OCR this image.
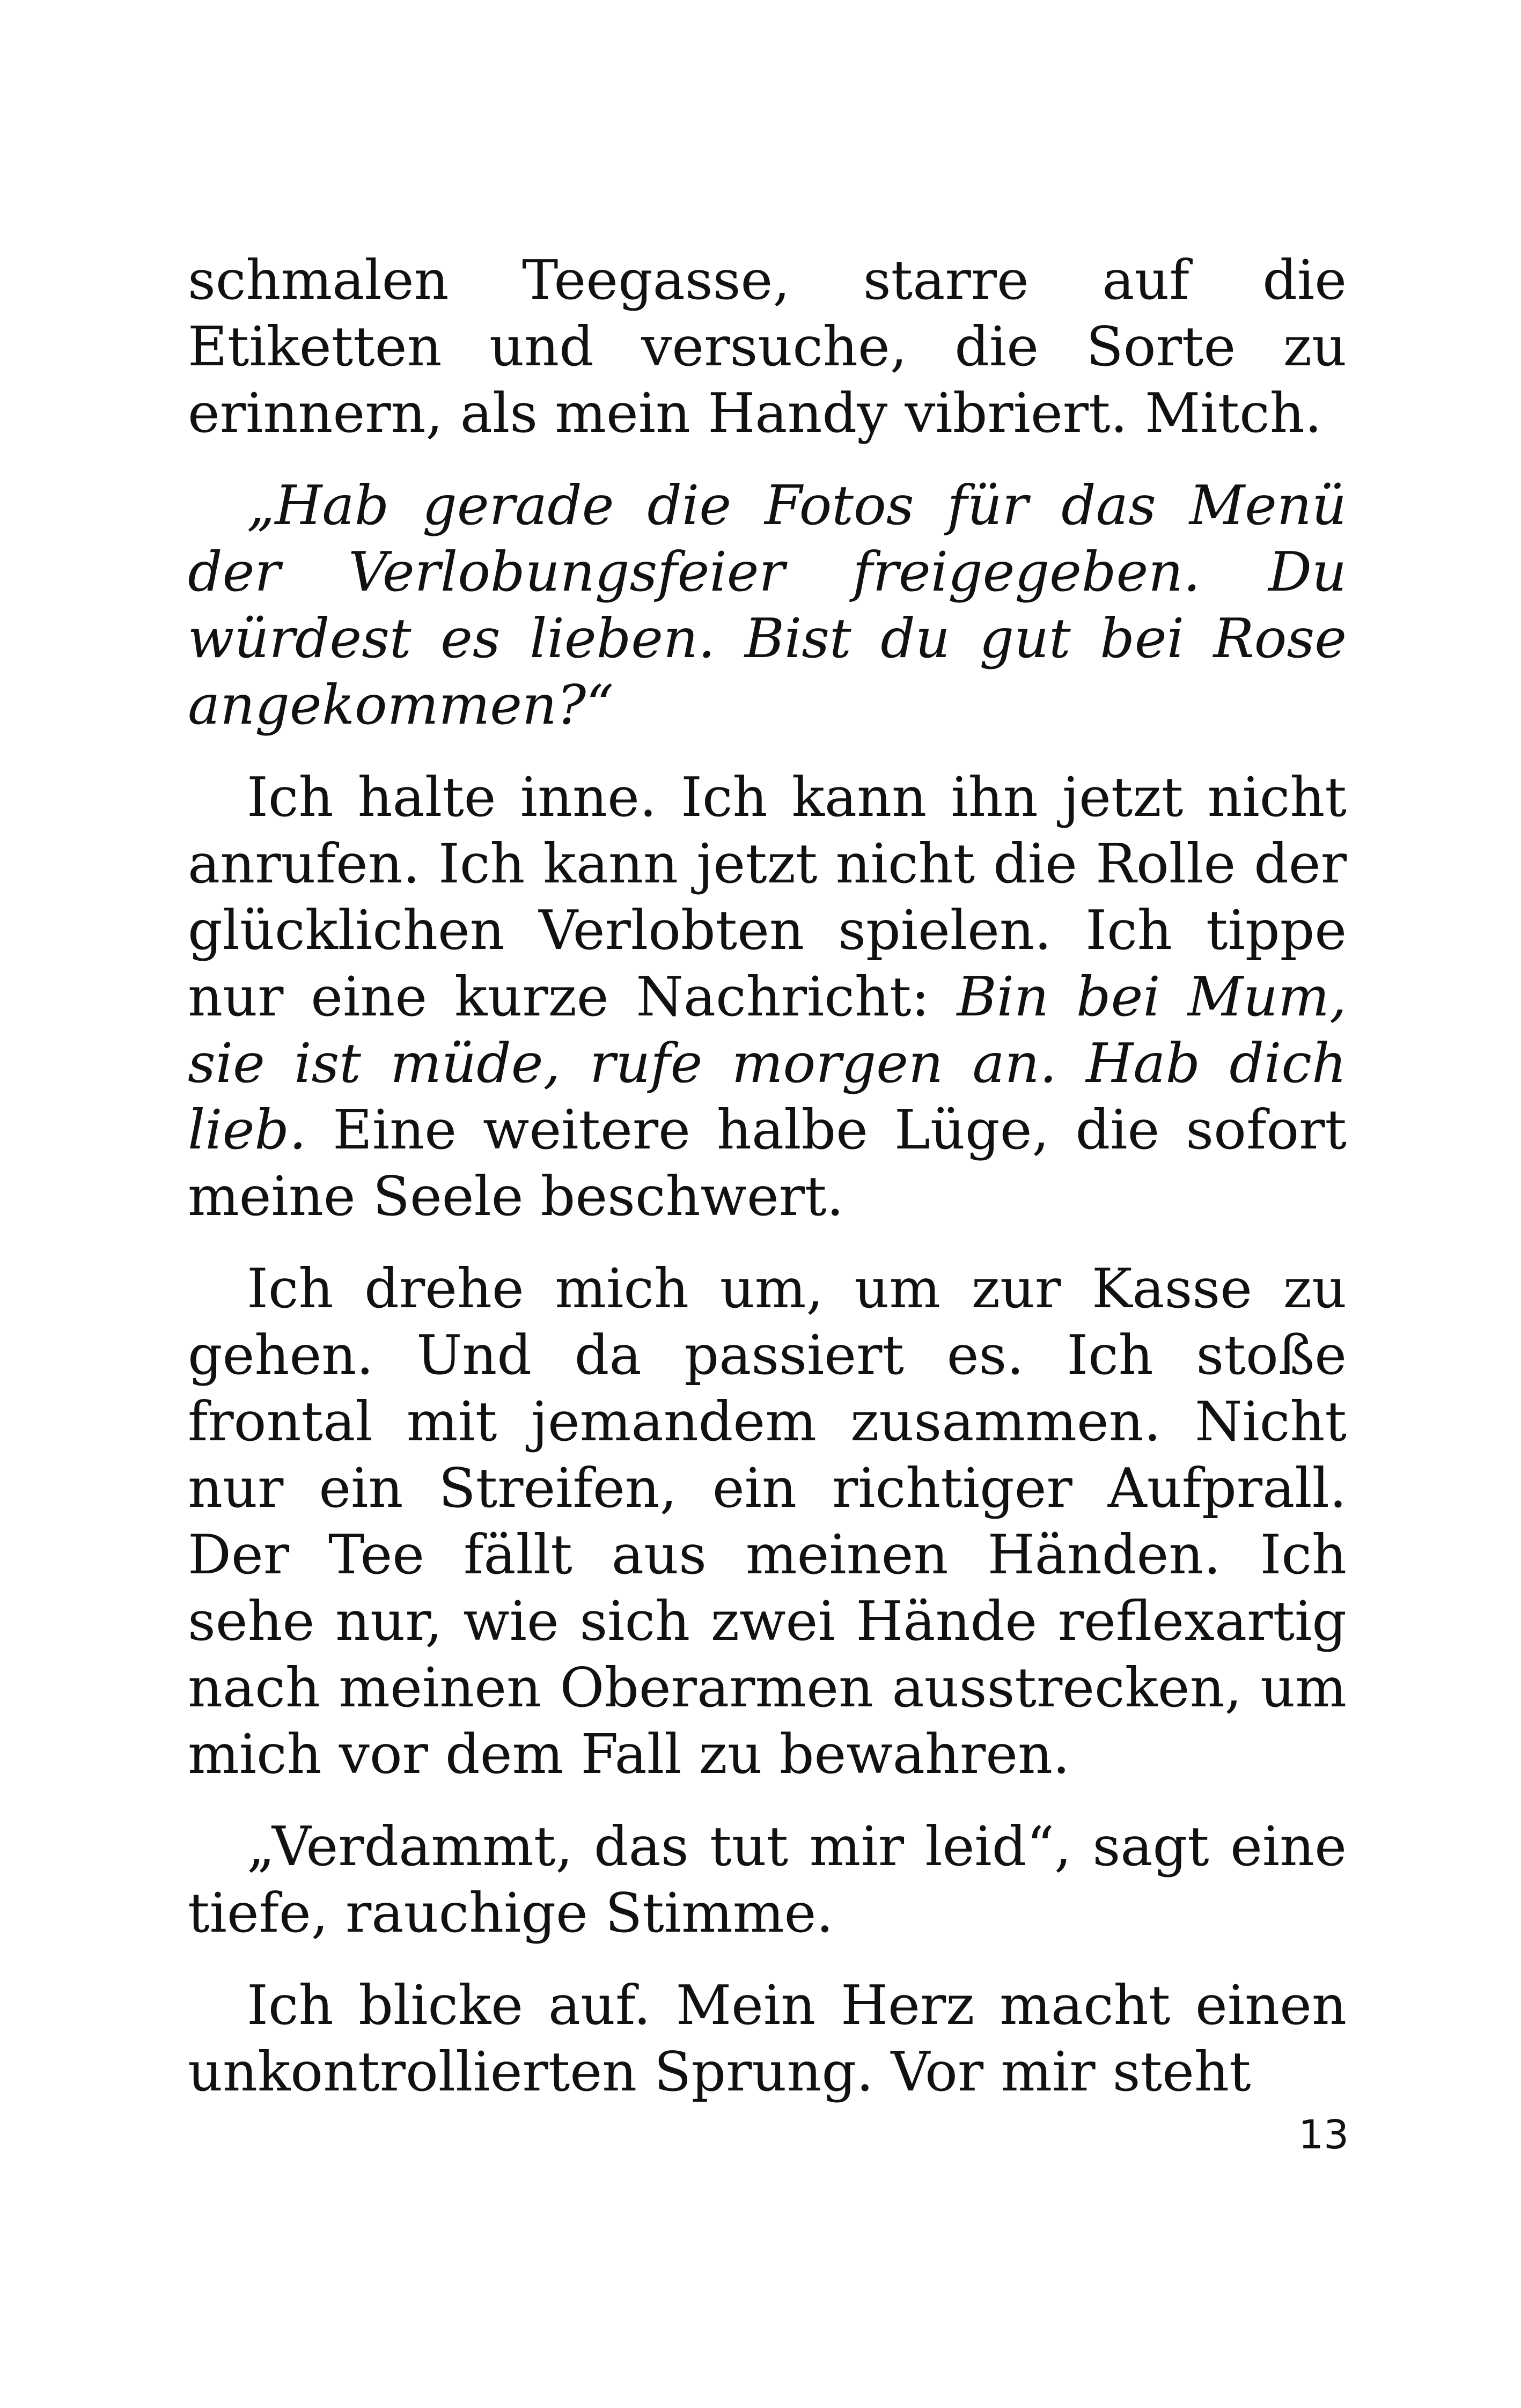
schmalen Teegasse, starre auf die Etiketten und versuche, die Sorte zu erinnern, als mein Handy vibriert. Mitch.

„Hab gerade die Fotos für das Menü der Verlobungsfeier freigegeben. Du würdest es lieben. Bist du gut bei Rose angekommen?“

Ich halte inne. Ich kann ihn jetzt nicht anrufen. Ich kann jetzt nicht die Rolle der glücklichen Verlobten spielen. Ich tippe nur eine kurze Nachricht: Bin bei Mum, sie ist müde, rufe morgen an. Hab dich lieb. Eine weitere halbe Lüge, die sofort meine Seele beschwert.

Ich drehe mich um, um zur Kasse zu gehen. Und da passiert es. Ich stoße frontal mit jemandem zusammen. Nicht nur ein Streifen, ein richtiger Aufprall. Der Tee fällt aus meinen Händen. Ich sehe nur, wie sich zwei Hände reflexartig nach meinen Oberarmen ausstrecken, um mich vor dem Fall zu bewahren.

„Verdammt, das tut mir leid“, sagt eine tiefe, rauchige Stimme.

Ich blicke auf. Mein Herz macht einen unkontrollierten Sprung. Vor mir steht

13
